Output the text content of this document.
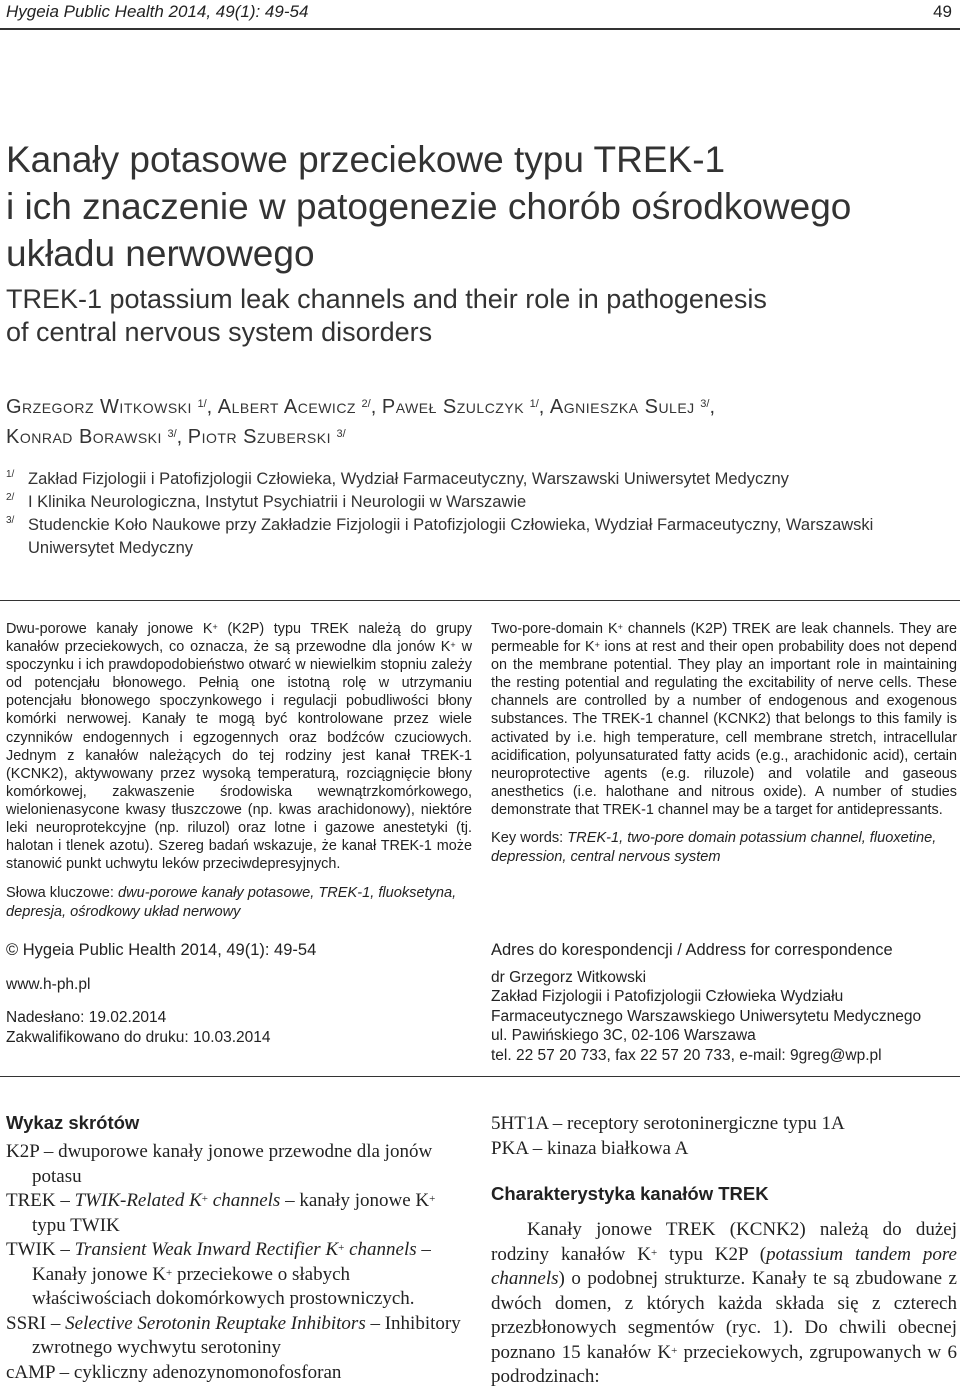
Hygeia Public Health 2014, 49(1): 49-54	49
Kanały potasowe przeciekowe typu TREK-1
i ich znaczenie w patogenezie chorób ośrodkowego
układu nerwowego
TREK-1 potassium leak channels and their role in pathogenesis
of central nervous system disorders
Grzegorz Witkowski $^{1/}$, Albert Acewicz $^{2/}$, Paweł Szulczyk $^{1/}$, Agnieszka Sulej $^{3/}$,
Konrad Borawski $^{3/}$, Piotr Szuberski $^{3/}$
1/ Zakład Fizjologii i Patofizjologii Człowieka, Wydział Farmaceutyczny, Warszawski Uniwersytet Medyczny
2/ I Klinika Neurologiczna, Instytut Psychiatrii i Neurologii w Warszawie
3/ Studenckie Koło Naukowe przy Zakładzie Fizjologii i Patofizjologii Człowieka, Wydział Farmaceutyczny, Warszawski Uniwersytet Medyczny
Dwu-porowe kanały jonowe K+ (K2P) typu TREK należą do grupy kanałów przeciekowych, co oznacza, że są przewodne dla jonów K+ w spoczynku i ich prawdopodobieństwo otwarć w niewielkim stopniu zależy od potencjału błonowego. Pełnią one istotną rolę w utrzymaniu potencjału błonowego spoczynkowego i regulacji pobudliwości błony komórki nerwowej. Kanały te mogą być kontrolowane przez wiele czynników endogennych i egzogennych oraz bodźców czuciowych. Jednym z kanałów należących do tej rodziny jest kanał TREK-1 (KCNK2), aktywowany przez wysoką temperaturą, rozciągnięcie błony komórkowej, zakwaszenie środowiska wewnątrzkomórkowego, wielonienasycone kwasy tłuszczowe (np. kwas arachidonowy), niektóre leki neuroprotekcyjne (np. riluzol) oraz lotne i gazowe anestetyki (tj. halotan i tlenek azotu). Szereg badań wskazuje, że kanał TREK-1 może stanowić punkt uchwytu leków przeciwdepresyjnych.
Słowa kluczowe: dwu-porowe kanały potasowe, TREK-1, fluoksetyna, depresja, ośrodkowy układ nerwowy
Two-pore-domain K+ channels (K2P) TREK are leak channels. They are permeable for K+ ions at rest and their open probability does not depend on the membrane potential. They play an important role in maintaining the resting potential and regulating the excitability of nerve cells. These channels are controlled by a number of endogenous and exogenous substances. The TREK-1 channel (KCNK2) that belongs to this family is activated by i.e. high temperature, cell membrane stretch, intracellular acidification, polyunsaturated fatty acids (e.g., arachidonic acid), certain neuroprotective agents (e.g. riluzole) and volatile and gaseous anesthetics (i.e. halothane and nitrous oxide). A number of studies demonstrate that TREK-1 channel may be a target for antidepressants.
Key words: TREK-1, two-pore domain potassium channel, fluoxetine, depression, central nervous system

© Hygeia Public Health 2014, 49(1): 49-54

www.h-ph.pl

Nadesłano: 19.02.2014

Zakwalifikowano do druku: 10.03.2014

Adres do korespondencji / Address for correspondence

dr Grzegorz Witkowski

Zakład Fizjologii i Patofizjologii Człowieka Wydziału

Farmaceutycznego Warszawskiego Uniwersytetu Medycznego

ul. Pawińskiego 3C, 02-106 Warszawa

tel. 22 57 20 733, fax 22 57 20 733, e-mail: 9greg@wp.pl

Wykaz skrótów
K2P – dwuporowe kanały jonowe przewodne dla jonów potasu
TREK – TWIK-Related K+ channels – kanały jonowe K+ typu TWIK
TWIK – Transient Weak Inward Rectifier K+ channels – Kanały jonowe K+ przeciekowe o słabych właściwościach dokomórkowych prostowniczych.
SSRI – Selective Serotonin Reuptake Inhibitors – Inhibitory zwrotnego wychwytu serotoniny
cAMP – cykliczny adenozynomonofosforan
5HT1A – receptory serotoninergiczne typu 1A
PKA – kinaza białkowa A
Charakterystyka kanałów TREK
Kanały jonowe TREK (KCNK2) należą do dużej rodziny kanałów K+ typu K2P (potassium tandem pore channels) o podobnej strukturze. Kanały te są zbudowane z dwóch domen, z których każda składa się z czterech przezbłonowych segmentów (ryc. 1). Do chwili obecnej poznano 15 kanałów K+ przeciekowych, zgrupowanych w 6 podrodzinach:
